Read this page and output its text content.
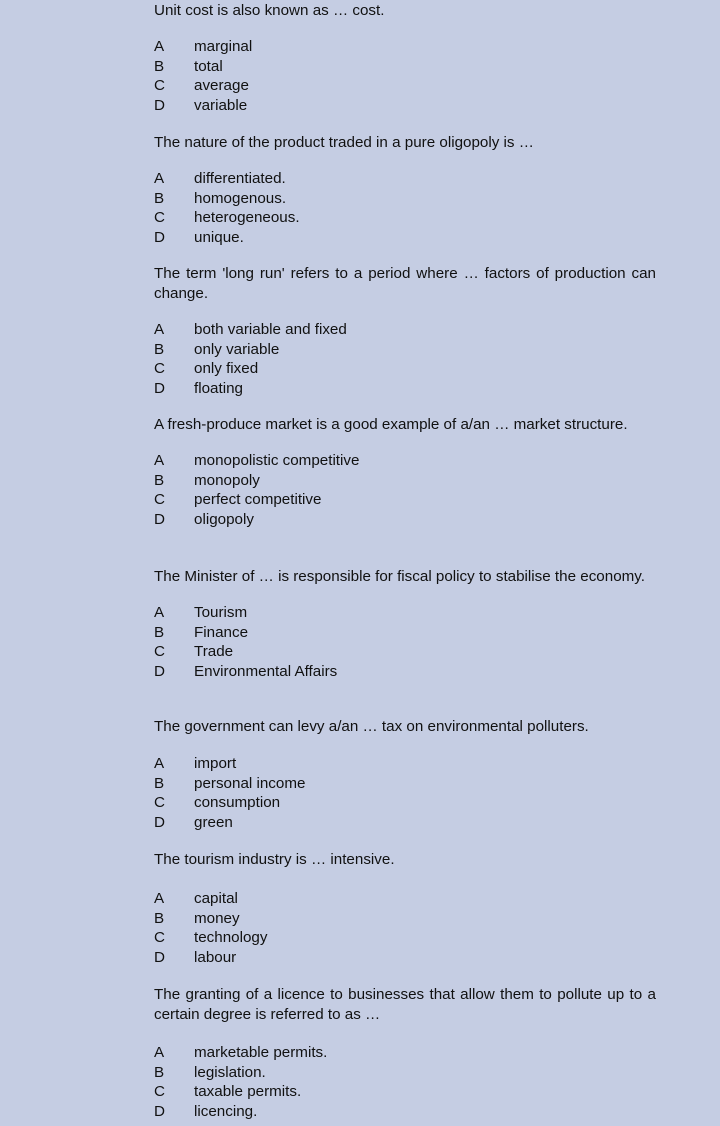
Unit cost is also known as … cost.

A	marginal
B	total
C	average
D	variable

The nature of the product traded in a pure oligopoly is …

A	differentiated.
B	homogenous.
C	heterogeneous.
D	unique.

The term 'long run' refers to a period where … factors of production can change.

A	both variable and fixed
B	only variable
C	only fixed
D	floating

A fresh-produce market is a good example of a/an … market structure.

A	monopolistic competitive
B	monopoly
C	perfect competitive
D	oligopoly

The Minister of … is responsible for fiscal policy to stabilise the economy.

A	Tourism
B	Finance
C	Trade
D	Environmental Affairs

The government can levy a/an … tax on environmental polluters.

A	import
B	personal income
C	consumption
D	green

The tourism industry is … intensive.

A	capital
B	money
C	technology
D	labour

The granting of a licence to businesses that allow them to pollute up to a certain degree is referred to as …

A	marketable permits.
B	legislation.
C	taxable permits.
D	licencing.
